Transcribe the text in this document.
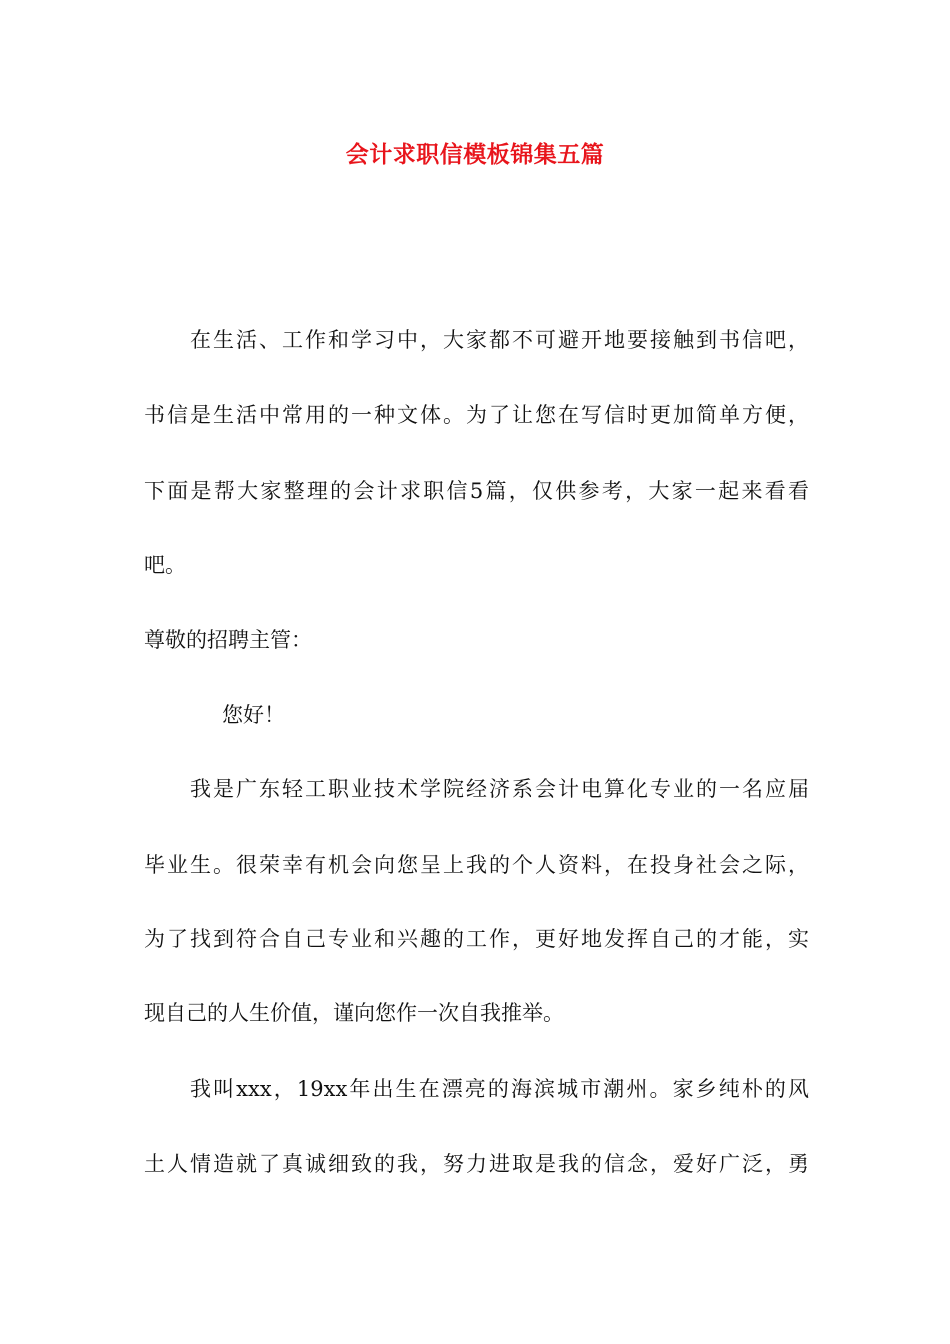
会计求职信模板锦集五篇
在生活、工作和学习中，大家都不可避开地要接触到书信吧，
书信是生活中常用的一种文体。为了让您在写信时更加简单方便，
下面是帮大家整理的会计求职信5篇，仅供参考，大家一起来看看
吧。
尊敬的招聘主管：
您好！
我是广东轻工职业技术学院经济系会计电算化专业的一名应届
毕业生。很荣幸有机会向您呈上我的个人资料，在投身社会之际，
为了找到符合自己专业和兴趣的工作，更好地发挥自己的才能，实
现自己的人生价值，谨向您作一次自我推举。
我叫xxx，19xx年出生在漂亮的海滨城市潮州。家乡纯朴的风
土人情造就了真诚细致的我，努力进取是我的信念，爱好广泛，勇
